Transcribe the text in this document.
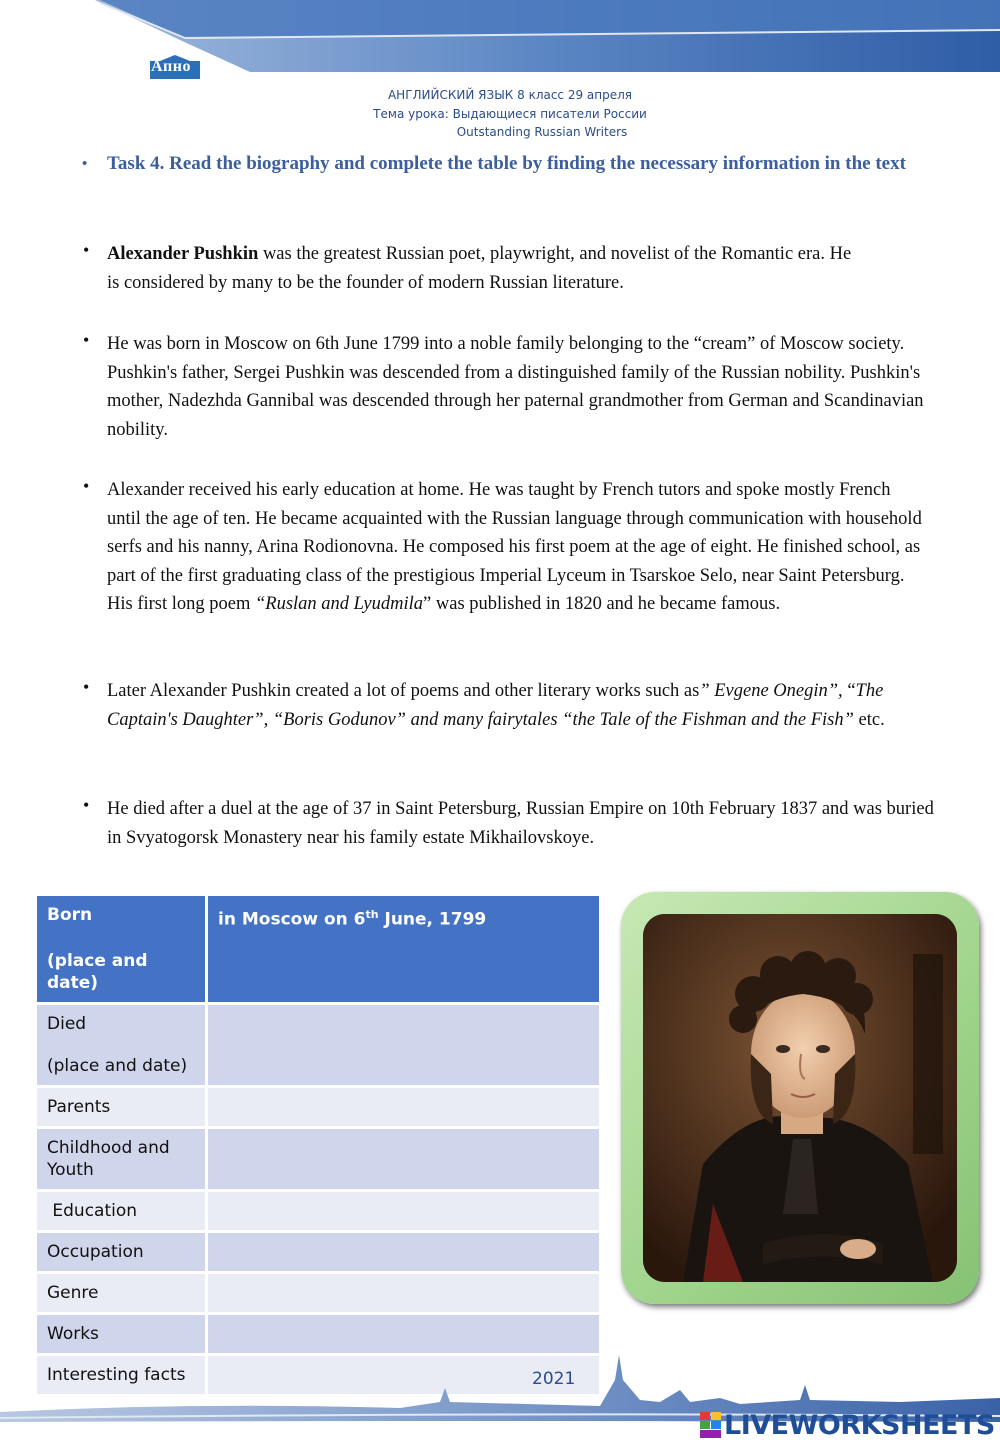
Апно
АНГЛИЙСКИЙ ЯЗЫК 8 класс 29 апреля
Тема урока: Выдающиеся писатели России
Outstanding Russian Writers
• Task 4. Read the biography and complete the table by finding the necessary information in the text
• Alexander Pushkin was the greatest Russian poet, playwright, and novelist of the Romantic era. He is considered by many to be the founder of modern Russian literature.
• He was born in Moscow on 6th June 1799 into a noble family belonging to the “cream” of Moscow society. Pushkin's father, Sergei Pushkin was descended from a distinguished family of the Russian nobility. Pushkin's mother, Nadezhda Gannibal was descended through her paternal grandmother from German and Scandinavian nobility.
• Alexander received his early education at home. He was taught by French tutors and spoke mostly French until the age of ten. He became acquainted with the Russian language through communication with household serfs and his nanny, Arina Rodionovna. He composed his first poem at the age of eight. He finished school, as part of the first graduating class of the prestigious Imperial Lyceum in Tsarskoe Selo, near Saint Petersburg. His first long poem “Ruslan and Lyudmila” was published in 1820 and he became famous.
• Later Alexander Pushkin created a lot of poems and other literary works such as” Evgene Onegin”, “The Captain's Daughter”, “Boris Godunov” and many fairytales “the Tale of the Fishman and the Fish” etc.
• He died after a duel at the age of 37 in Saint Petersburg, Russian Empire on 10th February 1837 and was buried in Svyatogorsk Monastery near his family estate Mikhailovskoye.
Born
(place and date)	in Moscow on 6th June, 1799

Died
(place and date)	

Parents	
Childhood and Youth	
Education	
Occupation	
Genre	
Works	
Interesting facts		2021
LIVEWORKSHEETS
